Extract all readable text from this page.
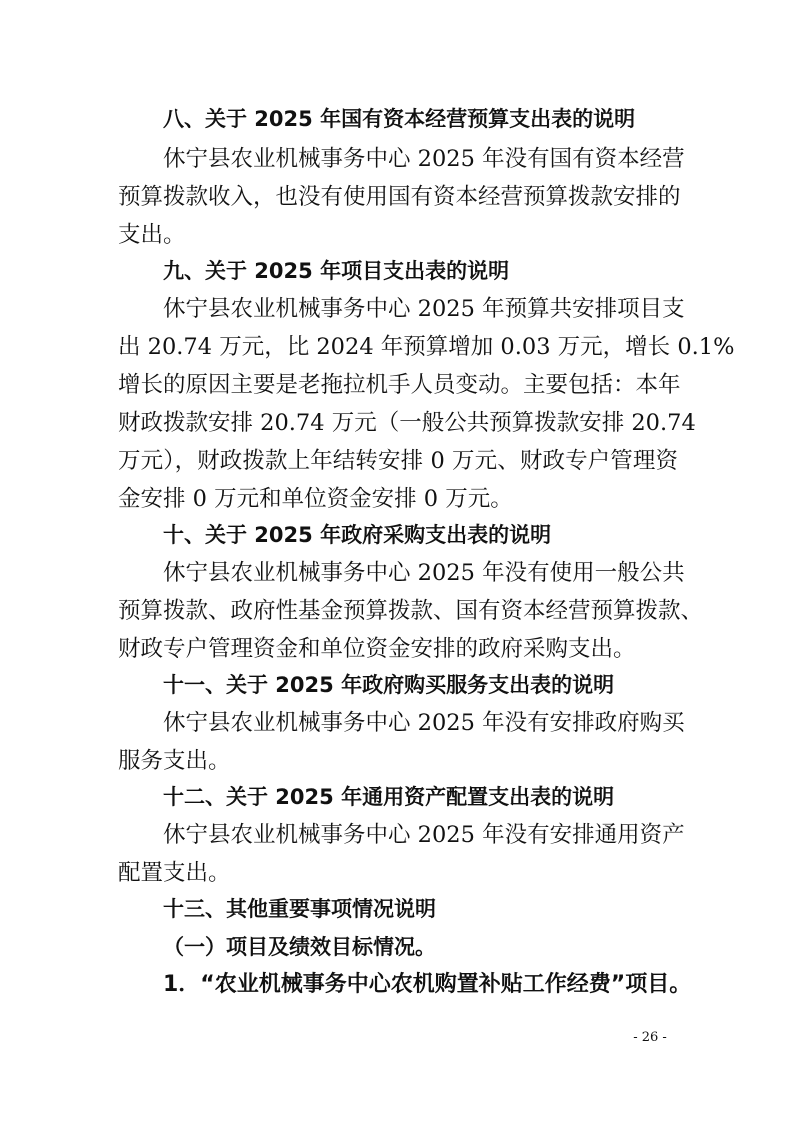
八、关于 2025 年国有资本经营预算支出表的说明
休宁县农业机械事务中心 2025 年没有国有资本经营
预算拨款收入，也没有使用国有资本经营预算拨款安排的
支出。
九、关于 2025 年项目支出表的说明
休宁县农业机械事务中心 2025 年预算共安排项目支
出 20.74 万元，比 2024 年预算增加 0.03 万元，增长 0.1%
增长的原因主要是老拖拉机手人员变动。主要包括：本年
财政拨款安排 20.74 万元（一般公共预算拨款安排 20.74
万元），财政拨款上年结转安排 0 万元、财政专户管理资
金安排 0 万元和单位资金安排 0 万元。
十、关于 2025 年政府采购支出表的说明
休宁县农业机械事务中心 2025 年没有使用一般公共
预算拨款、政府性基金预算拨款、国有资本经营预算拨款、
财政专户管理资金和单位资金安排的政府采购支出。
十一、关于 2025 年政府购买服务支出表的说明
休宁县农业机械事务中心 2025 年没有安排政府购买
服务支出。
十二、关于 2025 年通用资产配置支出表的说明
休宁县农业机械事务中心 2025 年没有安排通用资产
配置支出。
十三、其他重要事项情况说明
（一）项目及绩效目标情况。
1．“农业机械事务中心农机购置补贴工作经费”项目。
- 26 -
